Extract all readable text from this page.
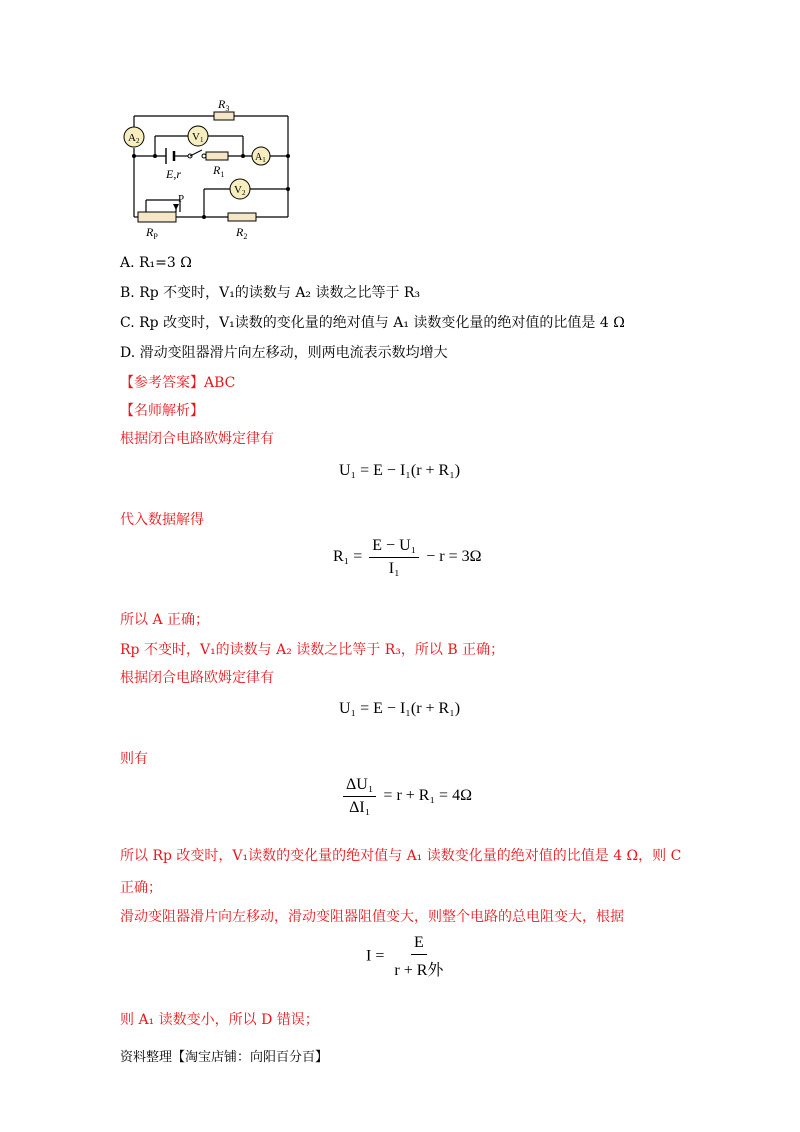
A2	V1
$A_1$
V2
$R_3$
E,r	$R_1$
P
$R_P$	$R_2$
A. R₁=3 Ω
B. Rp 不变时，V₁的读数与 A₂ 读数之比等于 R₃
C. Rp 改变时，V₁读数的变化量的绝对值与 A₁ 读数变化量的绝对值的比值是 4 Ω
D. 滑动变阻器滑片向左移动，则两电流表示数均增大
【参考答案】ABC
【名师解析】
根据闭合电路欧姆定律有
U₁ = E − I₁(r + R₁)
代入数据解得
$R_1 = \frac{\text{E − U₁}}{\text{I₁}} - r = 3\Omega$
所以 A 正确；
Rp 不变时，V₁的读数与 A₂ 读数之比等于 R₃，所以 B 正确；
根据闭合电路欧姆定律有
U₁ = E − I₁(r + R₁)
则有
$\frac{\text{ΔU₁}}{\text{ΔI₁}} = r + R_1 = 4\Omega$
所以 Rp 改变时，V₁读数的变化量的绝对值与 A₁ 读数变化量的绝对值的比值是 4 Ω，则 C
正确；
滑动变阻器滑片向左移动，滑动变阻器阻值变大，则整个电路的总电阻变大，根据
$I = \frac{E}{\text{r + R外}}$
则 A₁ 读数变小，所以 D 错误；
资料整理【淘宝店铺：向阳百分百】
